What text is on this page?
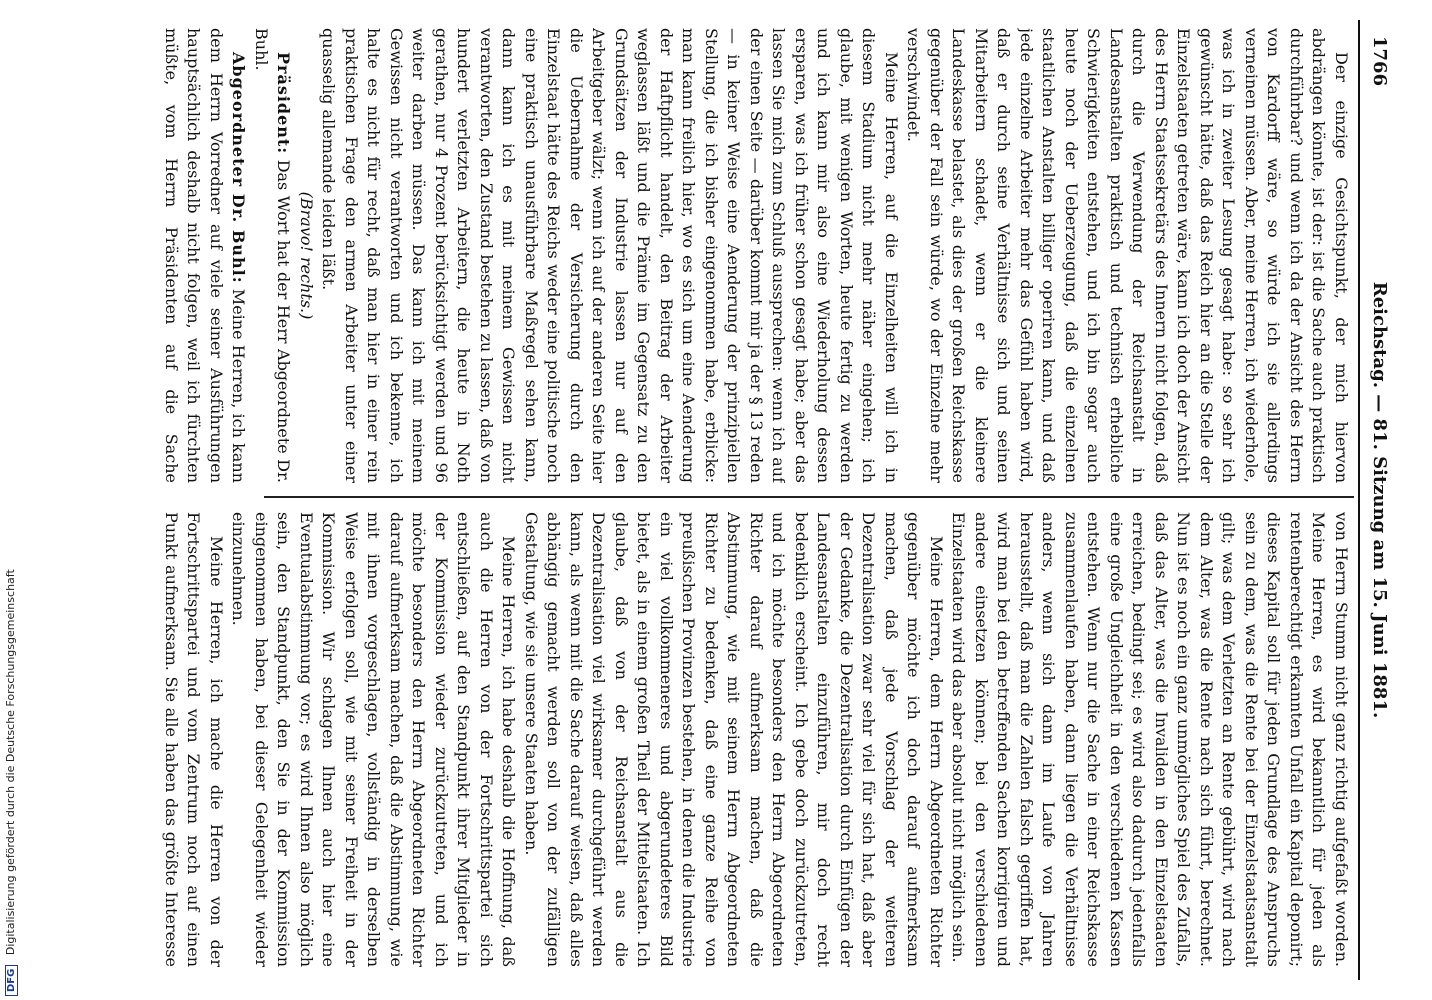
1766
Reichstag. — 81. Sitzung am 15. Juni 1881.

Der einzige Gesichtspunkt, der mich hiervon abdrängen könnte, ist der: ist die Sache auch praktisch durchführbar? und wenn ich da der Ansicht des Herrn von Kardorff wäre, so würde ich sie allerdings verneinen müssen. Aber, meine Herren, ich wiederhole, was ich in zweiter Lesung gesagt habe: so sehr ich gewünscht hätte, daß das Reich hier an die Stelle der Einzelstaaten getreten wäre, kann ich doch der Ansicht des Herrn Staatssekretärs des Innern nicht folgen, daß durch die Verwendung der Reichsanstalt in Landesanstalten praktisch und technisch erhebliche Schwierigkeiten entstehen, und ich bin sogar auch heute noch der Ueberzeugung, daß die einzelnen staatlichen Anstalten billiger operiren kann, und daß jede einzelne Arbeiter mehr das Gefühl haben wird, daß er durch seine Verhältnisse sich und seinen Mitarbeitern schadet, wenn er die kleinere Landeskasse belastet, als dies der großen Reichskasse gegenüber der Fall sein würde, wo der Einzelne mehr verschwindet.

Meine Herren, auf die Einzelheiten will ich in diesem Stadium nicht mehr näher eingehen; ich glaube, mit wenigen Worten, heute fertig zu werden und ich kann mir also eine Wiederholung dessen ersparen, was ich früher schon gesagt habe; aber das lassen Sie mich zum Schluß aussprechen: wenn ich auf der einen Seite — darüber kommt mir ja der § 13 reden — in keiner Weise eine Aenderung der prinzipiellen Stellung, die ich bisher eingenommen habe, erblicke: man kann freilich hier, wo es sich um eine Aenderung der Haftpflicht handelt, den Beitrag der Arbeiter weglassen läßt und die Prämie im Gegensatz zu den Grundsätzen der Industrie lassen nur auf den Arbeitgeber wälzt; wenn ich auf der anderen Seite hier die Uebernahme der Versicherung durch den Einzelstaat hätte des Reichs weder eine politische noch eine praktisch unausführbare Maßregel sehen kann, dann kann ich es mit meinem Gewissen nicht verantworten, den Zustand bestehen zu lassen, daß von hundert verletzten Arbeitern, die heute in Noth gerathen, nur 4 Prozent berücksichtigt werden und 96 weiter darben müssen. Das kann ich mit meinem Gewissen nicht verantworten und ich bekenne, ich halte es nicht für recht, daß man hier in einer rein praktischen Frage den armen Arbeiter unter einer quasselig allemande leiden läßt.

(Bravo! rechts.)

Präsident: Das Wort hat der Herr Abgeordnete Dr. Buhl.

Abgeordneter Dr. Buhl: Meine Herren, ich kann dem Herrn Vorredner auf viele seiner Ausführungen hauptsächlich deshalb nicht folgen, weil ich fürchten müßte, vom Herrn Präsidenten auf die Sache

von Herrn Stumm nicht ganz richtig aufgefaßt worden. Meine Herren, es wird bekanntlich für jeden als rentenberechtigt erkannten Unfall ein Kapital deponirt; dieses Kapital soll für jeden Grundlage des Anspruchs sein zu dem, was die Rente bei der Einzelstaatsanstalt gilt; was dem Verletzten an Rente gebührt, wird nach dem Alter, was die Rente nach sich führt, berechnet. Nun ist es noch ein ganz unmögliches Spiel des Zufalls, daß das Alter, was die Invaliden in den Einzelstaaten erreichen, bedingt sei; es wird also dadurch jedenfalls eine große Ungleichheit in den verschiedenen Kassen entstehen. Wenn nur die Sache in einer Reichskasse zusammenlaufen haben, dann liegen die Verhältnisse anders, wenn sich dann im Laufe von Jahren herausstellt, daß man die Zahlen falsch gegriffen hat, wird man bei den betreffenden Sachen korrigiren und andere einsetzen können; bei den verschiedenen Einzelstaaten wird das aber absolut nicht möglich sein.

Meine Herren, dem Herrn Abgeordneten Richter gegenüber möchte ich doch darauf aufmerksam machen, daß jede Vorschlag der weiteren Dezentralisation zwar sehr viel für sich hat, daß aber der Gedanke, die Dezentralisation durch Einfügen der Landesanstalten einzuführen, mir doch recht bedenklich erscheint. Ich gebe doch zurückzutreten, und ich möchte besonders den Herrn Abgeordneten Richter darauf aufmerksam machen, daß die Abstimmung, wie mit seinem Herrn Abgeordneten Richter zu bedenken, daß eine ganze Reihe von preußischen Provinzen bestehen, in denen die Industrie ein viel vollkommeneres und abgerundeteres Bild bietet, als in einem großen Theil der Mittelstaaten. Ich glaube, daß von der Reichsanstalt aus die Dezentralisation viel wirksamer durchgeführt werden kann, als wenn mit die Sache darauf weisen, daß alles abhängig gemacht werden soll von der zufälligen Gestaltung, wie sie unsere Staaten haben.

Meine Herren, ich habe deshalb die Hoffnung, daß auch die Herren von der Fortschrittspartei sich entschließen, auf den Standpunkt ihrer Mitglieder in der Kommission wieder zurückzutreten, und ich möchte besonders den Herrn Abgeordneten Richter darauf aufmerksam machen, daß die Abstimmung, wie mit ihnen vorgeschlagen, vollständig in derselben Weise erfolgen soll, wie mit seiner Freiheit in der Kommission. Wir schlagen Ihnen auch hier eine Eventualabstimmung vor; es wird Ihnen also möglich sein, den Standpunkt, den Sie in der Kommission eingenommen haben, bei dieser Gelegenheit wieder einzunehmen.

Meine Herren, ich mache die Herren von der Fortschrittspartei und vom Zentrum noch auf einen Punkt aufmerksam. Sie alle haben das größte Interesse

DFG Digitalisierung gefördert durch die Deutsche Forschungsgemeinschaft
